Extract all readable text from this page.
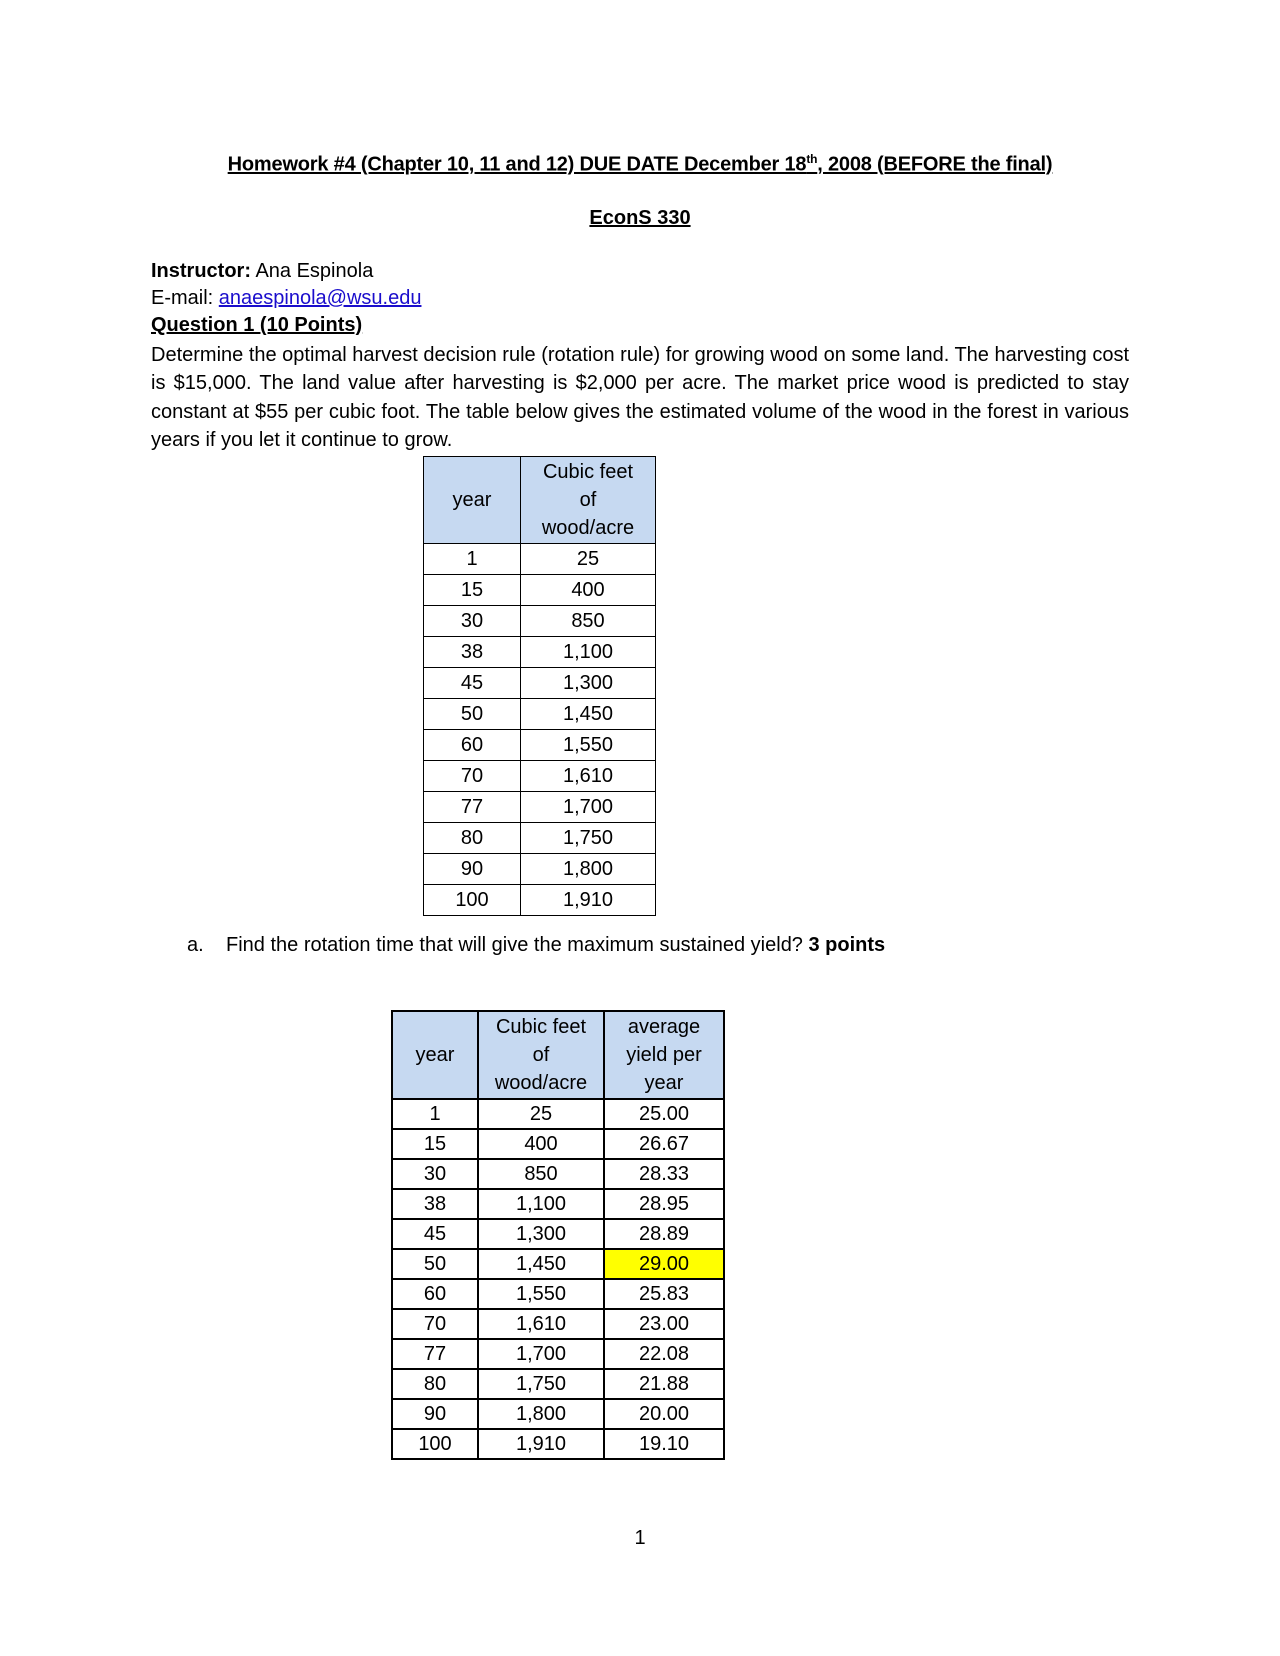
Homework #4 (Chapter 10, 11 and 12) DUE DATE December 18th, 2008 (BEFORE the final)
EconS 330
Instructor: Ana Espinola
E-mail: anaespinola@wsu.edu
Question 1 (10 Points)
Determine the optimal harvest decision rule (rotation rule) for growing wood on some land. The harvesting cost is $15,000. The land value after harvesting is $2,000 per acre. The market price wood is predicted to stay constant at $55 per cubic foot. The table below gives the estimated volume of the wood in the forest in various years if you let it continue to grow.
year	Cubic feet of wood/acre

1	25
15	400
30	850
38	1,100
45	1,300
50	1,450
60	1,550
70	1,610
77	1,700
80	1,750
90	1,800
100	1,910
a. Find the rotation time that will give the maximum sustained yield? 3 points
year	Cubic feet of wood/acre	average yield per year

1	25	25.00
15	400	26.67
30	850	28.33
38	1,100	28.95
45	1,300	28.89
50	1,450	29.00
60	1,550	25.83
70	1,610	23.00
77	1,700	22.08
80	1,750	21.88
90	1,800	20.00
100	1,910	19.10
1
